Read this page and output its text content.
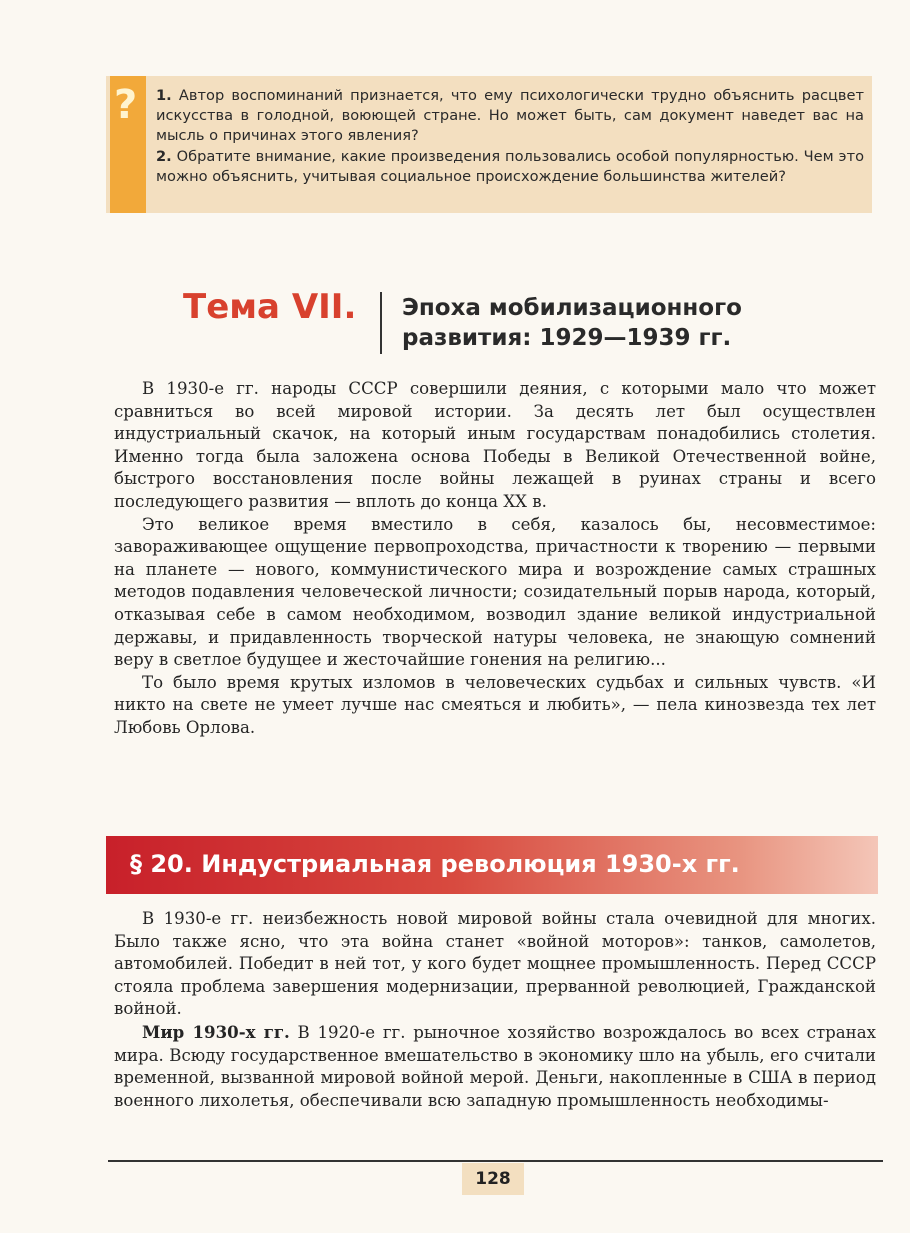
? 1. Автор воспоминаний признается, что ему психологически трудно объяснить расцвет искусства в голодной, воюющей стране. Но может быть, сам документ наведет вас на мысль о причинах этого явления?

2. Обратите внимание, какие произведения пользовались особой популярностью. Чем это можно объяснить, учитывая социальное происхождение большинства жителей?

Тема VII. Эпоха мобилизационного
развития: 1929—1939 гг.

В 1930-е гг. народы СССР совершили деяния, с которыми мало что может сравниться во всей мировой истории. За десять лет был осуществлен индустриальный скачок, на который иным государствам понадобились столетия. Именно тогда была заложена основа Победы в Великой Отечественной войне, быстрого восстановления после войны лежащей в руинах страны и всего последующего развития — вплоть до конца XX в.

Это великое время вместило в себя, казалось бы, несовместимое: завораживающее ощущение первопроходства, причастности к творению — первыми на планете — нового, коммунистического мира и возрождение самых страшных методов подавления человеческой личности; созидательный порыв народа, который, отказывая себе в самом необходимом, возводил здание великой индустриальной державы, и придавленность творческой натуры человека, не знающую сомнений веру в светлое будущее и жесточайшие гонения на религию...

То было время крутых изломов в человеческих судьбах и сильных чувств. «И никто на свете не умеет лучше нас смеяться и любить», — пела кинозвезда тех лет Любовь Орлова.

§ 20. Индустриальная революция 1930-х гг.

В 1930-е гг. неизбежность новой мировой войны стала очевидной для многих. Было также ясно, что эта война станет «войной моторов»: танков, самолетов, автомобилей. Победит в ней тот, у кого будет мощнее промышленность. Перед СССР стояла проблема завершения модернизации, прерванной революцией, Гражданской войной.

Мир 1930-х гг. В 1920-е гг. рыночное хозяйство возрождалось во всех странах мира. Всюду государственное вмешательство в экономику шло на убыль, его считали временной, вызванной мировой войной мерой. Деньги, накопленные в США в период военного лихолетья, обеспечивали всю западную промышленность необходимы-

128
